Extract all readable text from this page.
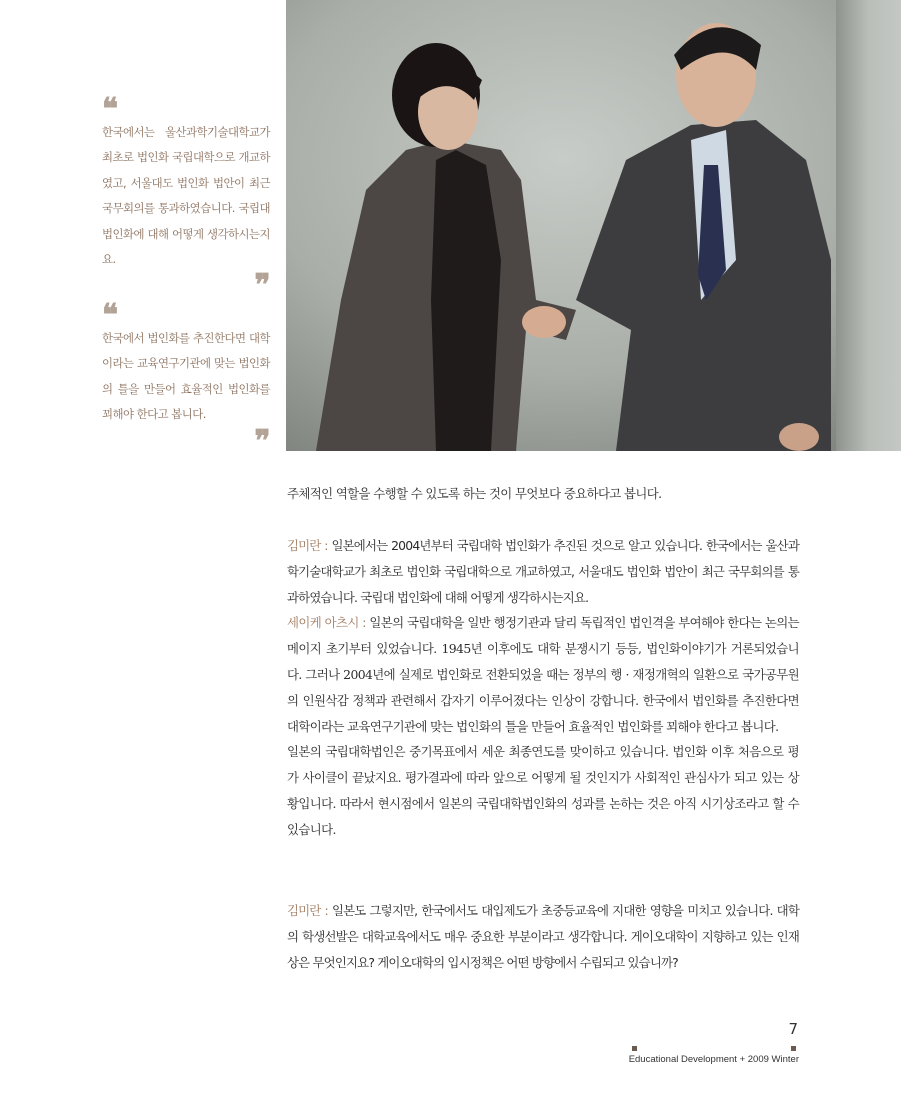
❝

한국에서는 울산과학기술대학교가 최초로 법인화 국립대학으로 개교하였고, 서울대도 법인화 법안이 최근 국무회의를 통과하였습니다. 국립대 법인화에 대해 어떻게 생각하시는지요.

❞
❝

한국에서 법인화를 추진한다면 대학이라는 교육연구기관에 맞는 법인화의 틀을 만들어 효율적인 법인화를 꾀해야 한다고 봅니다.

❞

주체적인 역할을 수행할 수 있도록 하는 것이 무엇보다 중요하다고 봅니다.

김미란 : 일본에서는 2004년부터 국립대학 법인화가 추진된 것으로 알고 있습니다. 한국에서는 울산과학기술대학교가 최초로 법인화 국립대학으로 개교하였고, 서울대도 법인화 법안이 최근 국무회의를 통과하였습니다. 국립대 법인화에 대해 어떻게 생각하시는지요.

세이케 아츠시 : 일본의 국립대학을 일반 행정기관과 달리 독립적인 법인격을 부여해야 한다는 논의는 메이지 초기부터 있었습니다. 1945년 이후에도 대학 분쟁시기 등등, 법인화이야기가 거론되었습니다. 그러나 2004년에 실제로 법인화로 전환되었을 때는 정부의 행 · 재정개혁의 일환으로 국가공무원의 인원삭감 정책과 관련해서 갑자기 이루어졌다는 인상이 강합니다. 한국에서 법인화를 추진한다면 대학이라는 교육연구기관에 맞는 법인화의 틀을 만들어 효율적인 법인화를 꾀해야 한다고 봅니다.

일본의 국립대학법인은 중기목표에서 세운 최종연도를 맞이하고 있습니다. 법인화 이후 처음으로 평가 사이클이 끝났지요. 평가결과에 따라 앞으로 어떻게 될 것인지가 사회적인 관심사가 되고 있는 상황입니다. 따라서 현시점에서 일본의 국립대학법인화의 성과를 논하는 것은 아직 시기상조라고 할 수 있습니다.

김미란 : 일본도 그렇지만, 한국에서도 대입제도가 초중등교육에 지대한 영향을 미치고 있습니다. 대학의 학생선발은 대학교육에서도 매우 중요한 부분이라고 생각합니다. 게이오대학이 지향하고 있는 인재상은 무엇인지요? 게이오대학의 입시정책은 어떤 방향에서 수립되고 있습니까?

7
Educational Development + 2009 Winter
